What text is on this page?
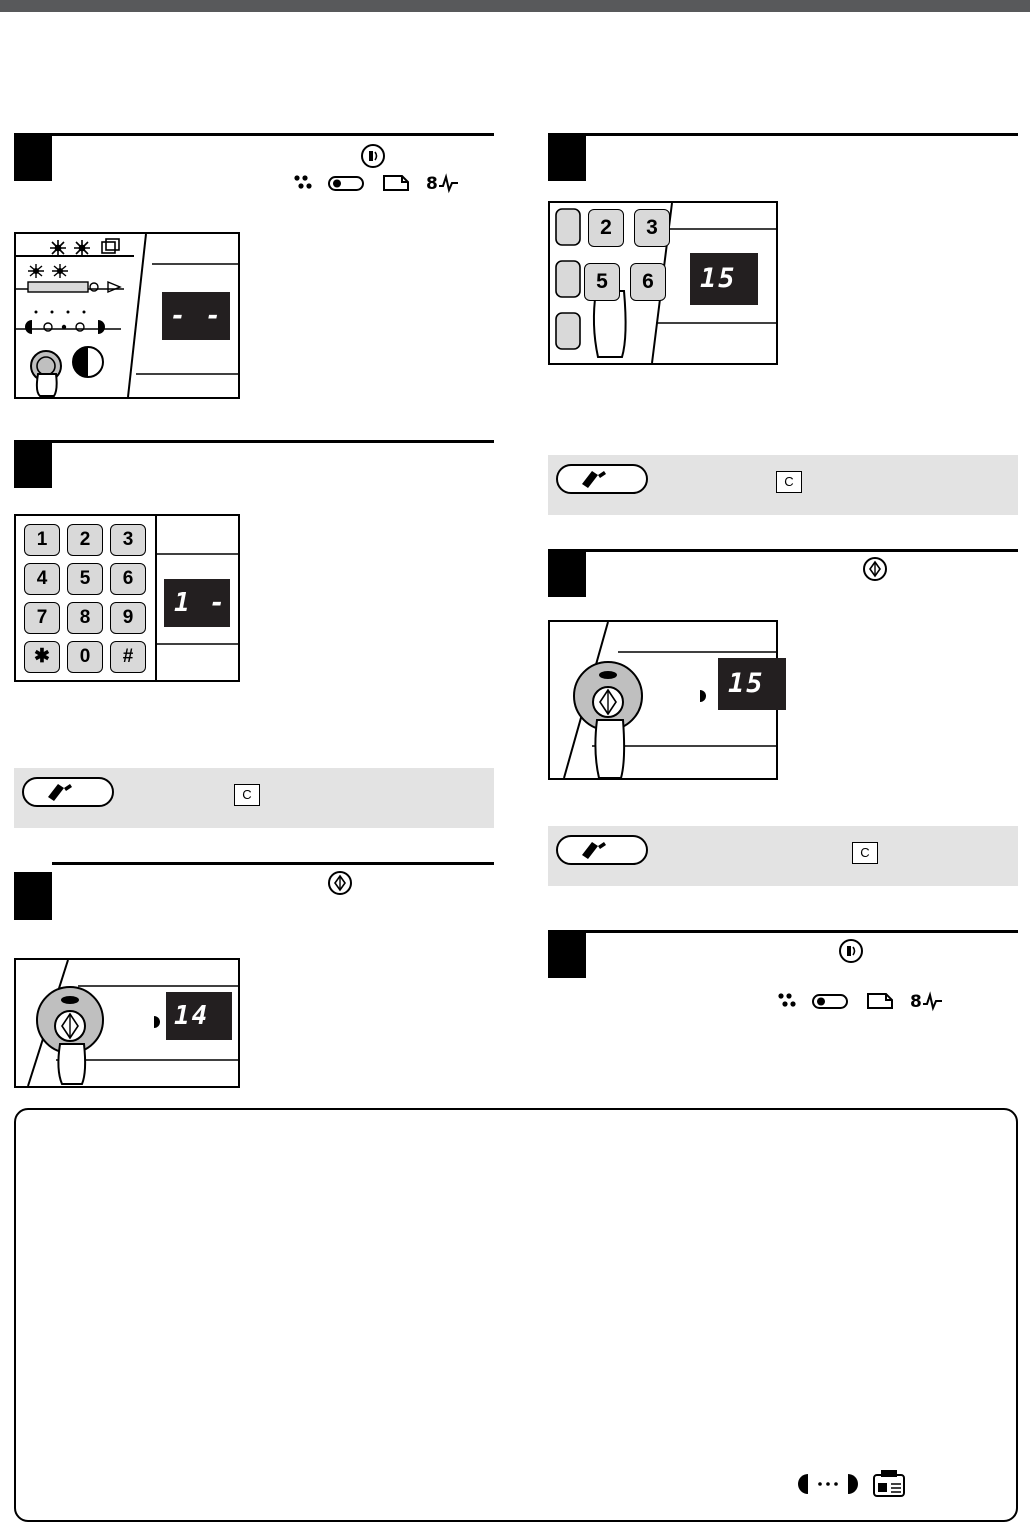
8
- -
1	2	3
4	5	6
7	8	9
✱	0	#
1 -
C
14
2	3
5	6	15
C
15
C
8
